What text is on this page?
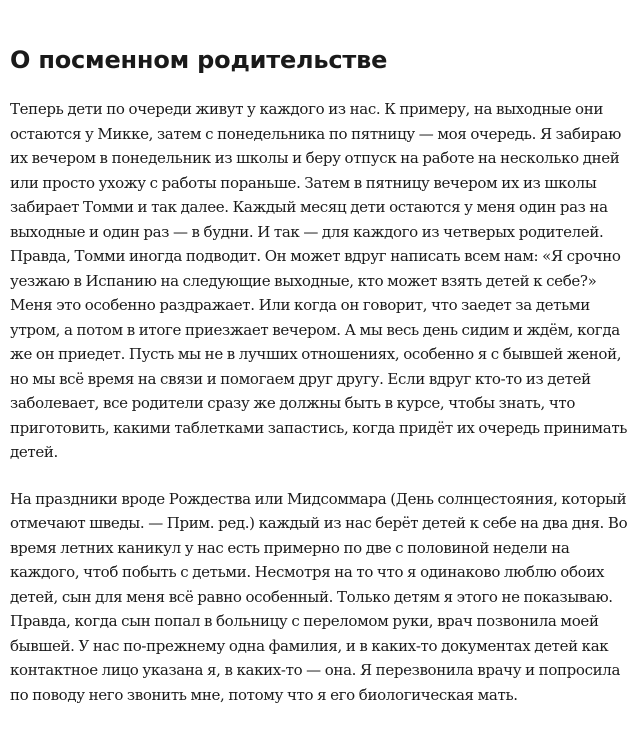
О посменном родительстве

Теперь дети по очереди живут у каждого из нас. К примеру, на выходные они остаются у Микке, затем с понедельника по пятницу — моя очередь. Я забираю их вечером в понедельник из школы и беру отпуск на работе на несколько дней или просто ухожу с работы пораньше. Затем в пятницу вечером их из школы забирает Томми и так далее. Каждый месяц дети остаются у меня один раз на выходные и один раз — в будни. И так — для каждого из четверых родителей. Правда, Томми иногда подводит. Он может вдруг написать всем нам: «Я срочно уезжаю в Испанию на следующие выходные, кто может взять детей к себе?» Меня это особенно раздражает. Или когда он говорит, что заедет за детьми утром, а потом в итоге приезжает вечером. А мы весь день сидим и ждём, когда же он приедет. Пусть мы не в лучших отношениях, особенно я с бывшей женой, но мы всё время на связи и помогаем друг другу. Если вдруг кто-то из детей заболевает, все родители сразу же должны быть в курсе, чтобы знать, что приготовить, какими таблетками запастись, когда придёт их очередь принимать детей.

На праздники вроде Рождества или Мидсоммара (День солнцестояния, который отмечают шведы. — Прим. ред.) каждый из нас берёт детей к себе на два дня. Во время летних каникул у нас есть примерно по две с половиной недели на каждого, чтоб побыть с детьми. Несмотря на то что я одинаково люблю обоих детей, сын для меня всё равно особенный. Только детям я этого не показываю. Правда, когда сын попал в больницу с переломом руки, врач позвонила моей бывшей. У нас по-прежнему одна фамилия, и в каких-то документах детей как контактное лицо указана я, в каких-то — она. Я перезвонила врачу и попросила по поводу него звонить мне, потому что я его биологическая мать.
